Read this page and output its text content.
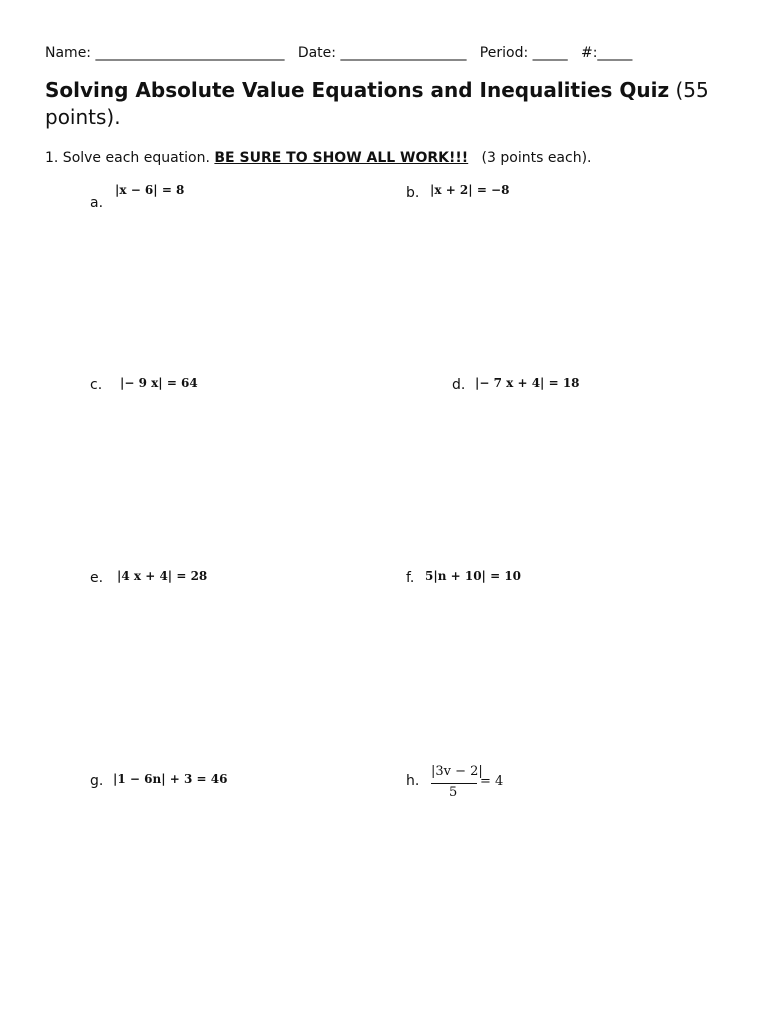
Name: ___________________________   Date: __________________   Period: _____   #:_____
Solving Absolute Value Equations and Inequalities Quiz (55 points).
1. Solve each equation. BE SURE TO SHOW ALL WORK!!!   (3 points each).
a.
|x − 6| = 8	b. |x + 2| = −8
c. |− 9 x| = 64	d. |− 7 x + 4| = 18
e. |4 x + 4| = 28	f. 5|n + 10| = 10
g. |1 − 6n| + 3 = 46	h.
|3v − 2|
5
= 4
